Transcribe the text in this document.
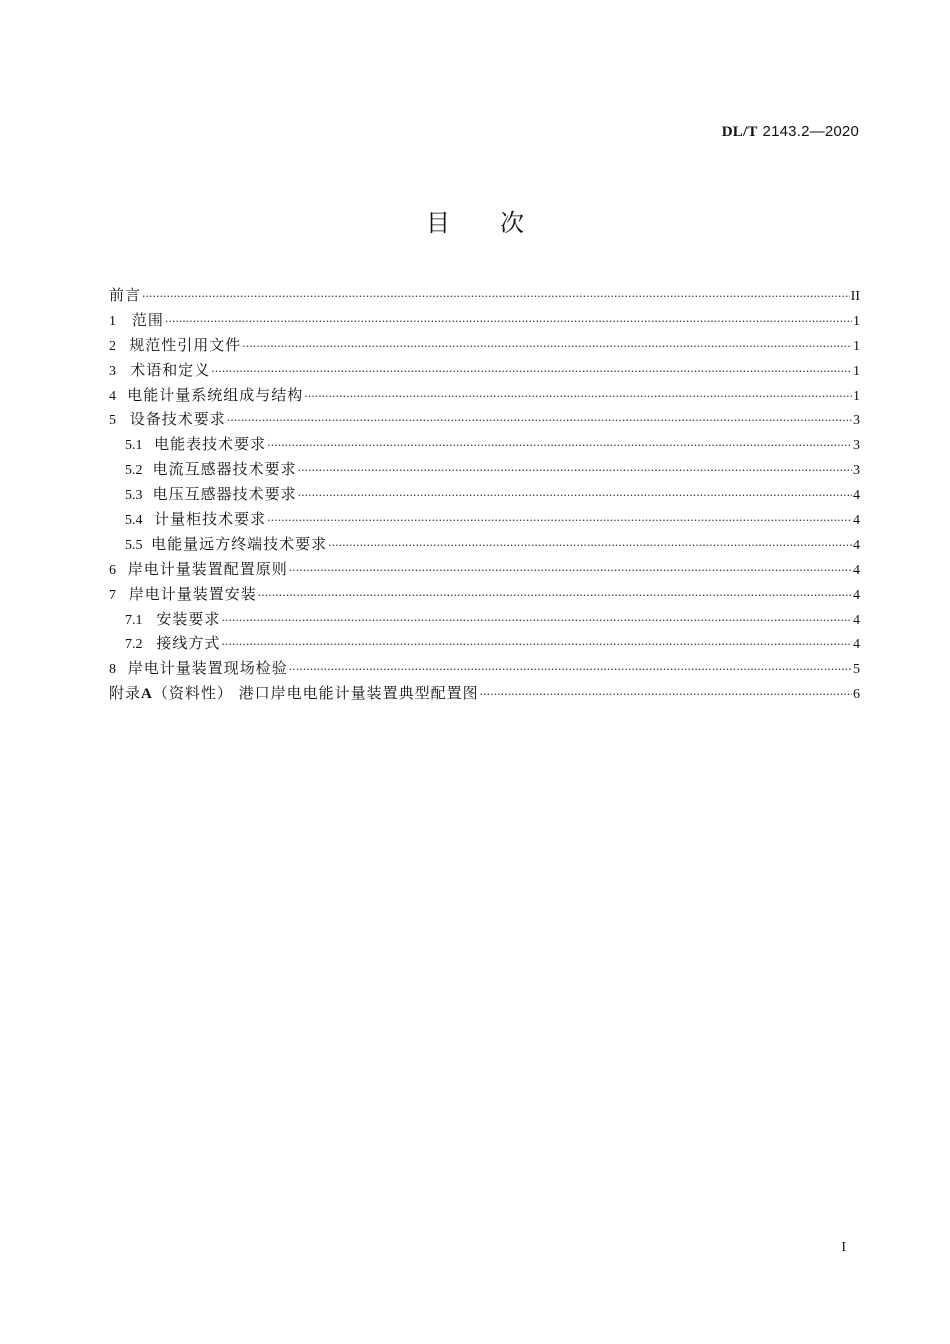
DL/T 2143.2—2020
目次
前言 ·····	II
1	范围 ·····	1
2 规范性引用文件 ·····	1
3 术语和定义 ·····	1
4 电能计量系统组成与结构 ·····	1
5 设备技术要求 ·····	3
5.1 电能表技术要求 ·····	3
5.2 电流互感器技术要求 ·····	3
5.3 电压互感器技术要求 ·····	4
5.4 计量柜技术要求 ·····	4
5.5 电能量远方终端技术要求 ·····	4
6 岸电计量装置配置原则 ·····	4
7 岸电计量装置安装 ·····	4
7.1 安装要求 ·····	4
7.2 接线方式 ·····	4
8 岸电计量装置现场检验 ·····	5
附录A（资料性） 港口岸电电能计量装置典型配置图 ·····	6
I
